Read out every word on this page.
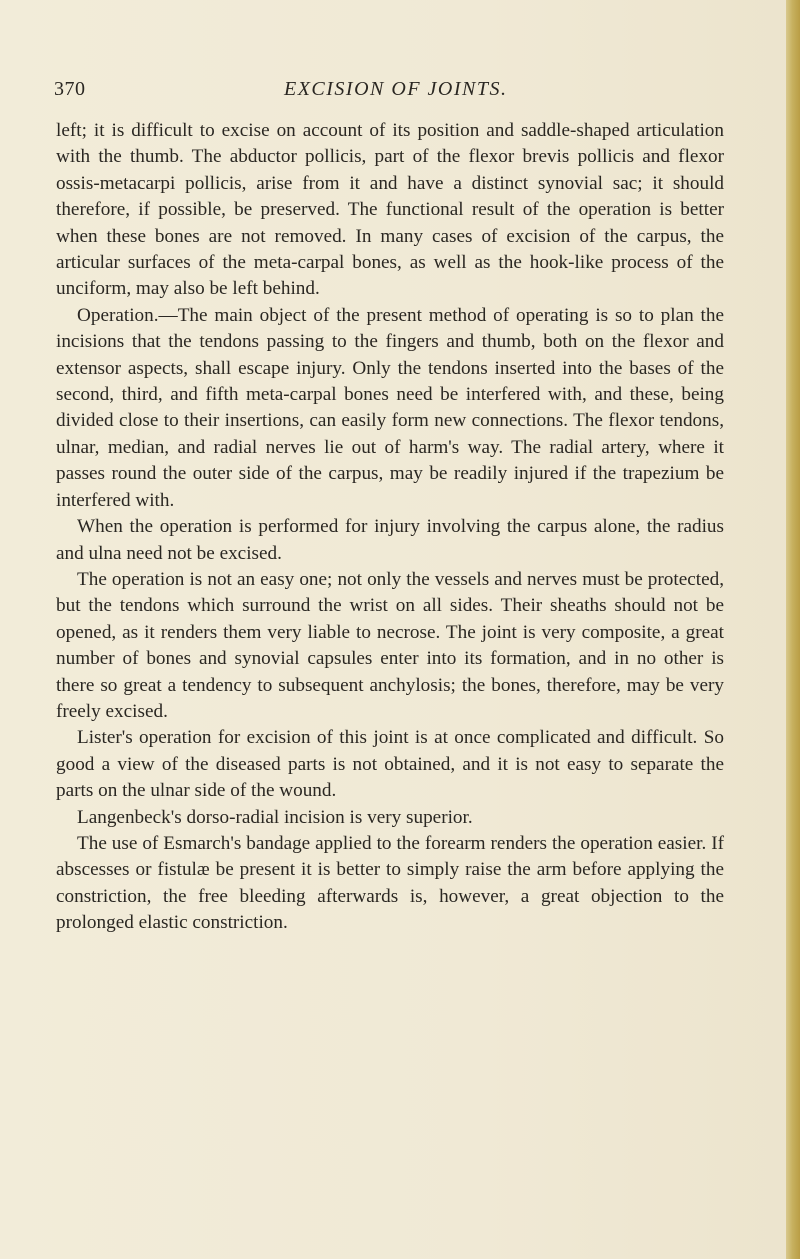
370	EXCISION OF JOINTS.

left; it is difficult to excise on account of its position and saddle-shaped articulation with the thumb. The abductor pollicis, part of the flexor brevis pollicis and flexor ossis-metacarpi pollicis, arise from it and have a distinct synovial sac; it should therefore, if possible, be preserved. The functional result of the operation is better when these bones are not removed. In many cases of excision of the carpus, the articular surfaces of the meta-carpal bones, as well as the hook-like process of the unciform, may also be left behind.

Operation.—The main object of the present method of operating is so to plan the incisions that the tendons passing to the fingers and thumb, both on the flexor and extensor aspects, shall escape injury. Only the tendons inserted into the bases of the second, third, and fifth meta-carpal bones need be interfered with, and these, being divided close to their insertions, can easily form new connections. The flexor tendons, ulnar, median, and radial nerves lie out of harm's way. The radial artery, where it passes round the outer side of the carpus, may be readily injured if the trapezium be interfered with.

When the operation is performed for injury involving the carpus alone, the radius and ulna need not be excised.

The operation is not an easy one; not only the vessels and nerves must be protected, but the tendons which surround the wrist on all sides. Their sheaths should not be opened, as it renders them very liable to necrose. The joint is very composite, a great number of bones and synovial capsules enter into its formation, and in no other is there so great a tendency to subsequent anchylosis; the bones, therefore, may be very freely excised.

Lister's operation for excision of this joint is at once complicated and difficult. So good a view of the diseased parts is not obtained, and it is not easy to separate the parts on the ulnar side of the wound.

Langenbeck's dorso-radial incision is very superior.

The use of Esmarch's bandage applied to the forearm renders the operation easier. If abscesses or fistulæ be present it is better to simply raise the arm before applying the constriction, the free bleeding afterwards is, however, a great objection to the prolonged elastic constriction.
